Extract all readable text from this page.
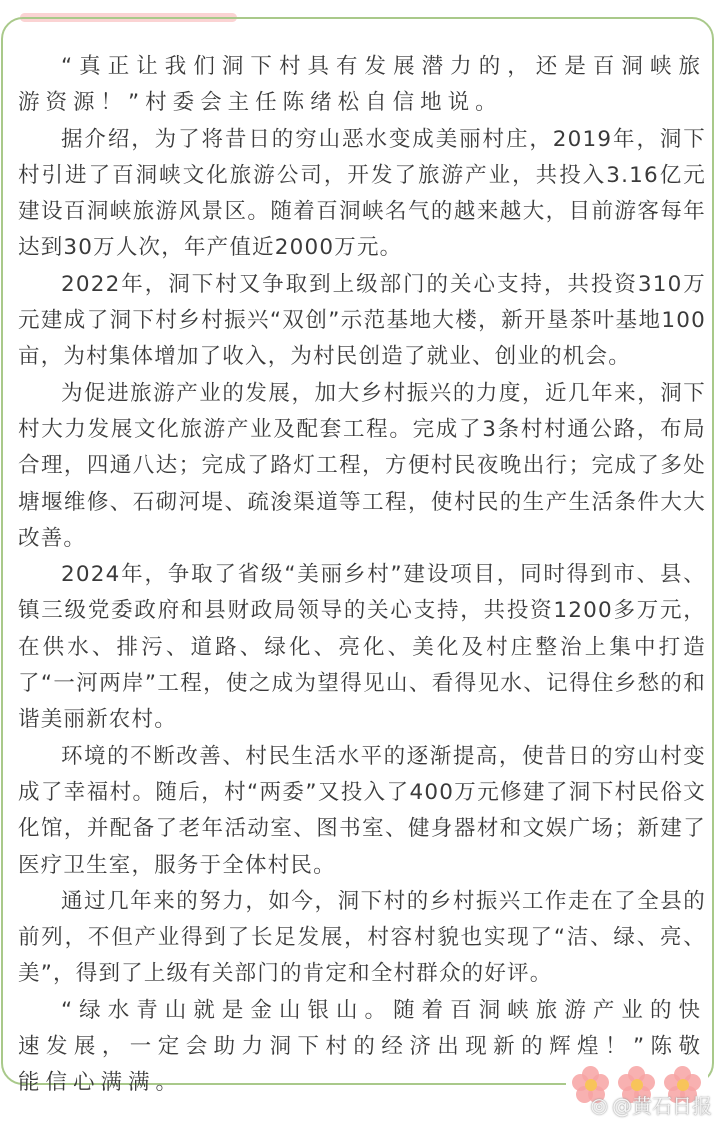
“真正让我们洞下村具有发展潜力的，还是百洞峡旅游资源！”村委会主任陈绪松自信地说。

据介绍，为了将昔日的穷山恶水变成美丽村庄，2019年，洞下村引进了百洞峡文化旅游公司，开发了旅游产业，共投入3.16亿元建设百洞峡旅游风景区。随着百洞峡名气的越来越大，目前游客每年达到30万人次，年产值近2000万元。

2022年，洞下村又争取到上级部门的关心支持，共投资310万元建成了洞下村乡村振兴“双创”示范基地大楼，新开垦茶叶基地100亩，为村集体增加了收入，为村民创造了就业、创业的机会。

为促进旅游产业的发展，加大乡村振兴的力度，近几年来，洞下村大力发展文化旅游产业及配套工程。完成了3条村村通公路，布局合理，四通八达；完成了路灯工程，方便村民夜晚出行；完成了多处塘堰维修、石砌河堤、疏浚渠道等工程，使村民的生产生活条件大大改善。

2024年，争取了省级“美丽乡村”建设项目，同时得到市、县、镇三级党委政府和县财政局领导的关心支持，共投资1200多万元，在供水、排污、道路、绿化、亮化、美化及村庄整治上集中打造了“一河两岸”工程，使之成为望得见山、看得见水、记得住乡愁的和谐美丽新农村。

环境的不断改善、村民生活水平的逐渐提高，使昔日的穷山村变成了幸福村。随后，村“两委”又投入了400万元修建了洞下村民俗文化馆，并配备了老年活动室、图书室、健身器材和文娱广场；新建了医疗卫生室，服务于全体村民。

通过几年来的努力，如今，洞下村的乡村振兴工作走在了全县的前列，不但产业得到了长足发展，村容村貌也实现了“洁、绿、亮、美”，得到了上级有关部门的肯定和全村群众的好评。

“绿水青山就是金山银山。随着百洞峡旅游产业的快速发展，一定会助力洞下村的经济出现新的辉煌！”陈敬能信心满满。

◎ @黄石日报
